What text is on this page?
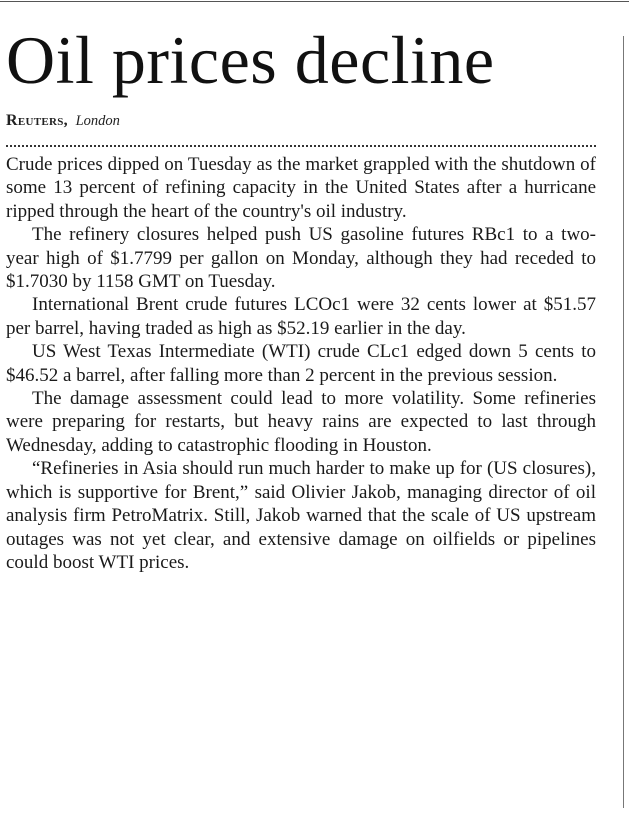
Oil prices decline
Reuters, London

Crude prices dipped on Tuesday as the market grappled with the shutdown of some 13 percent of refining capacity in the United States after a hurricane ripped through the heart of the country's oil industry.

The refinery closures helped push US gasoline futures RBc1 to a two-year high of $1.7799 per gallon on Monday, although they had receded to $1.7030 by 1158 GMT on Tuesday.

International Brent crude futures LCOc1 were 32 cents lower at $51.57 per barrel, having traded as high as $52.19 earlier in the day.

US West Texas Intermediate (WTI) crude CLc1 edged down 5 cents to $46.52 a barrel, after falling more than 2 percent in the previous session.

The damage assessment could lead to more volatility. Some refineries were preparing for restarts, but heavy rains are expected to last through Wednesday, adding to catastrophic flooding in Houston.

“Refineries in Asia should run much harder to make up for (US closures), which is supportive for Brent,” said Olivier Jakob, managing director of oil analysis firm PetroMatrix. Still, Jakob warned that the scale of US upstream outages was not yet clear, and extensive damage on oilfields or pipelines could boost WTI prices.
